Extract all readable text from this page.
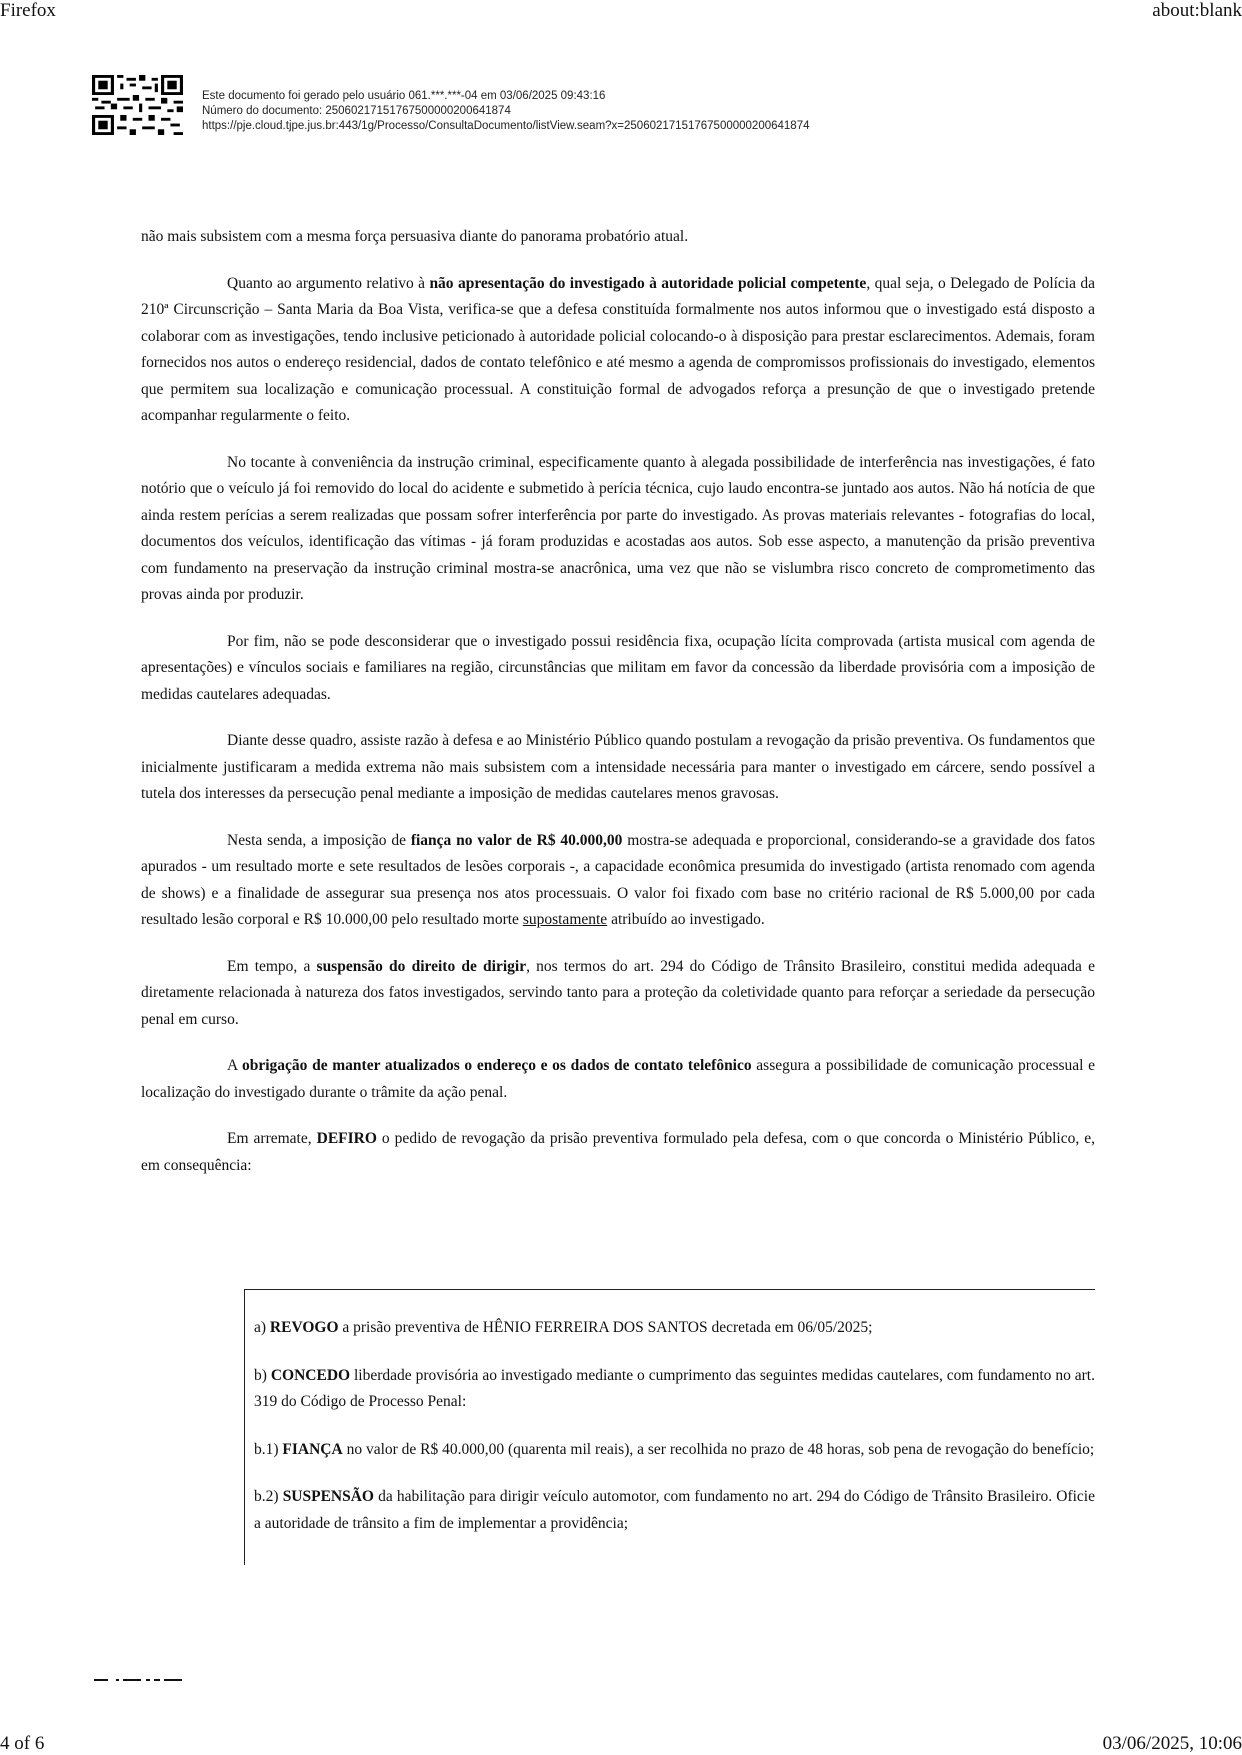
Firefox	about:blank
Este documento foi gerado pelo usuário 061.***.***-04 em 03/06/2025 09:43:16
Número do documento: 25060217151767500000200641874
https://pje.cloud.tjpe.jus.br:443/1g/Processo/ConsultaDocumento/listView.seam?x=25060217151767500000200641874

não mais subsistem com a mesma força persuasiva diante do panorama probatório atual.

Quanto ao argumento relativo à não apresentação do investigado à autoridade policial competente, qual seja, o Delegado de Polícia da 210ª Circunscrição – Santa Maria da Boa Vista, verifica-se que a defesa constituída formalmente nos autos informou que o investigado está disposto a colaborar com as investigações, tendo inclusive peticionado à autoridade policial colocando-o à disposição para prestar esclarecimentos. Ademais, foram fornecidos nos autos o endereço residencial, dados de contato telefônico e até mesmo a agenda de compromissos profissionais do investigado, elementos que permitem sua localização e comunicação processual. A constituição formal de advogados reforça a presunção de que o investigado pretende acompanhar regularmente o feito.

No tocante à conveniência da instrução criminal, especificamente quanto à alegada possibilidade de interferência nas investigações, é fato notório que o veículo já foi removido do local do acidente e submetido à perícia técnica, cujo laudo encontra-se juntado aos autos. Não há notícia de que ainda restem perícias a serem realizadas que possam sofrer interferência por parte do investigado. As provas materiais relevantes - fotografias do local, documentos dos veículos, identificação das vítimas - já foram produzidas e acostadas aos autos. Sob esse aspecto, a manutenção da prisão preventiva com fundamento na preservação da instrução criminal mostra-se anacrônica, uma vez que não se vislumbra risco concreto de comprometimento das provas ainda por produzir.

Por fim, não se pode desconsiderar que o investigado possui residência fixa, ocupação lícita comprovada (artista musical com agenda de apresentações) e vínculos sociais e familiares na região, circunstâncias que militam em favor da concessão da liberdade provisória com a imposição de medidas cautelares adequadas.

Diante desse quadro, assiste razão à defesa e ao Ministério Público quando postulam a revogação da prisão preventiva. Os fundamentos que inicialmente justificaram a medida extrema não mais subsistem com a intensidade necessária para manter o investigado em cárcere, sendo possível a tutela dos interesses da persecução penal mediante a imposição de medidas cautelares menos gravosas.

Nesta senda, a imposição de fiança no valor de R$ 40.000,00 mostra-se adequada e proporcional, considerando-se a gravidade dos fatos apurados - um resultado morte e sete resultados de lesões corporais -, a capacidade econômica presumida do investigado (artista renomado com agenda de shows) e a finalidade de assegurar sua presença nos atos processuais. O valor foi fixado com base no critério racional de R$ 5.000,00 por cada resultado lesão corporal e R$ 10.000,00 pelo resultado morte supostamente atribuído ao investigado.

Em tempo, a suspensão do direito de dirigir, nos termos do art. 294 do Código de Trânsito Brasileiro, constitui medida adequada e diretamente relacionada à natureza dos fatos investigados, servindo tanto para a proteção da coletividade quanto para reforçar a seriedade da persecução penal em curso.

A obrigação de manter atualizados o endereço e os dados de contato telefônico assegura a possibilidade de comunicação processual e localização do investigado durante o trâmite da ação penal.

Em arremate, DEFIRO o pedido de revogação da prisão preventiva formulado pela defesa, com o que concorda o Ministério Público, e, em consequência:

a) REVOGO a prisão preventiva de HÊNIO FERREIRA DOS SANTOS decretada em 06/05/2025;

b) CONCEDO liberdade provisória ao investigado mediante o cumprimento das seguintes medidas cautelares, com fundamento no art. 319 do Código de Processo Penal:

b.1) FIANÇA no valor de R$ 40.000,00 (quarenta mil reais), a ser recolhida no prazo de 48 horas, sob pena de revogação do benefício;

b.2) SUSPENSÃO da habilitação para dirigir veículo automotor, com fundamento no art. 294 do Código de Trânsito Brasileiro. Oficie a autoridade de trânsito a fim de implementar a providência;

4 of 6	03/06/2025, 10:06
